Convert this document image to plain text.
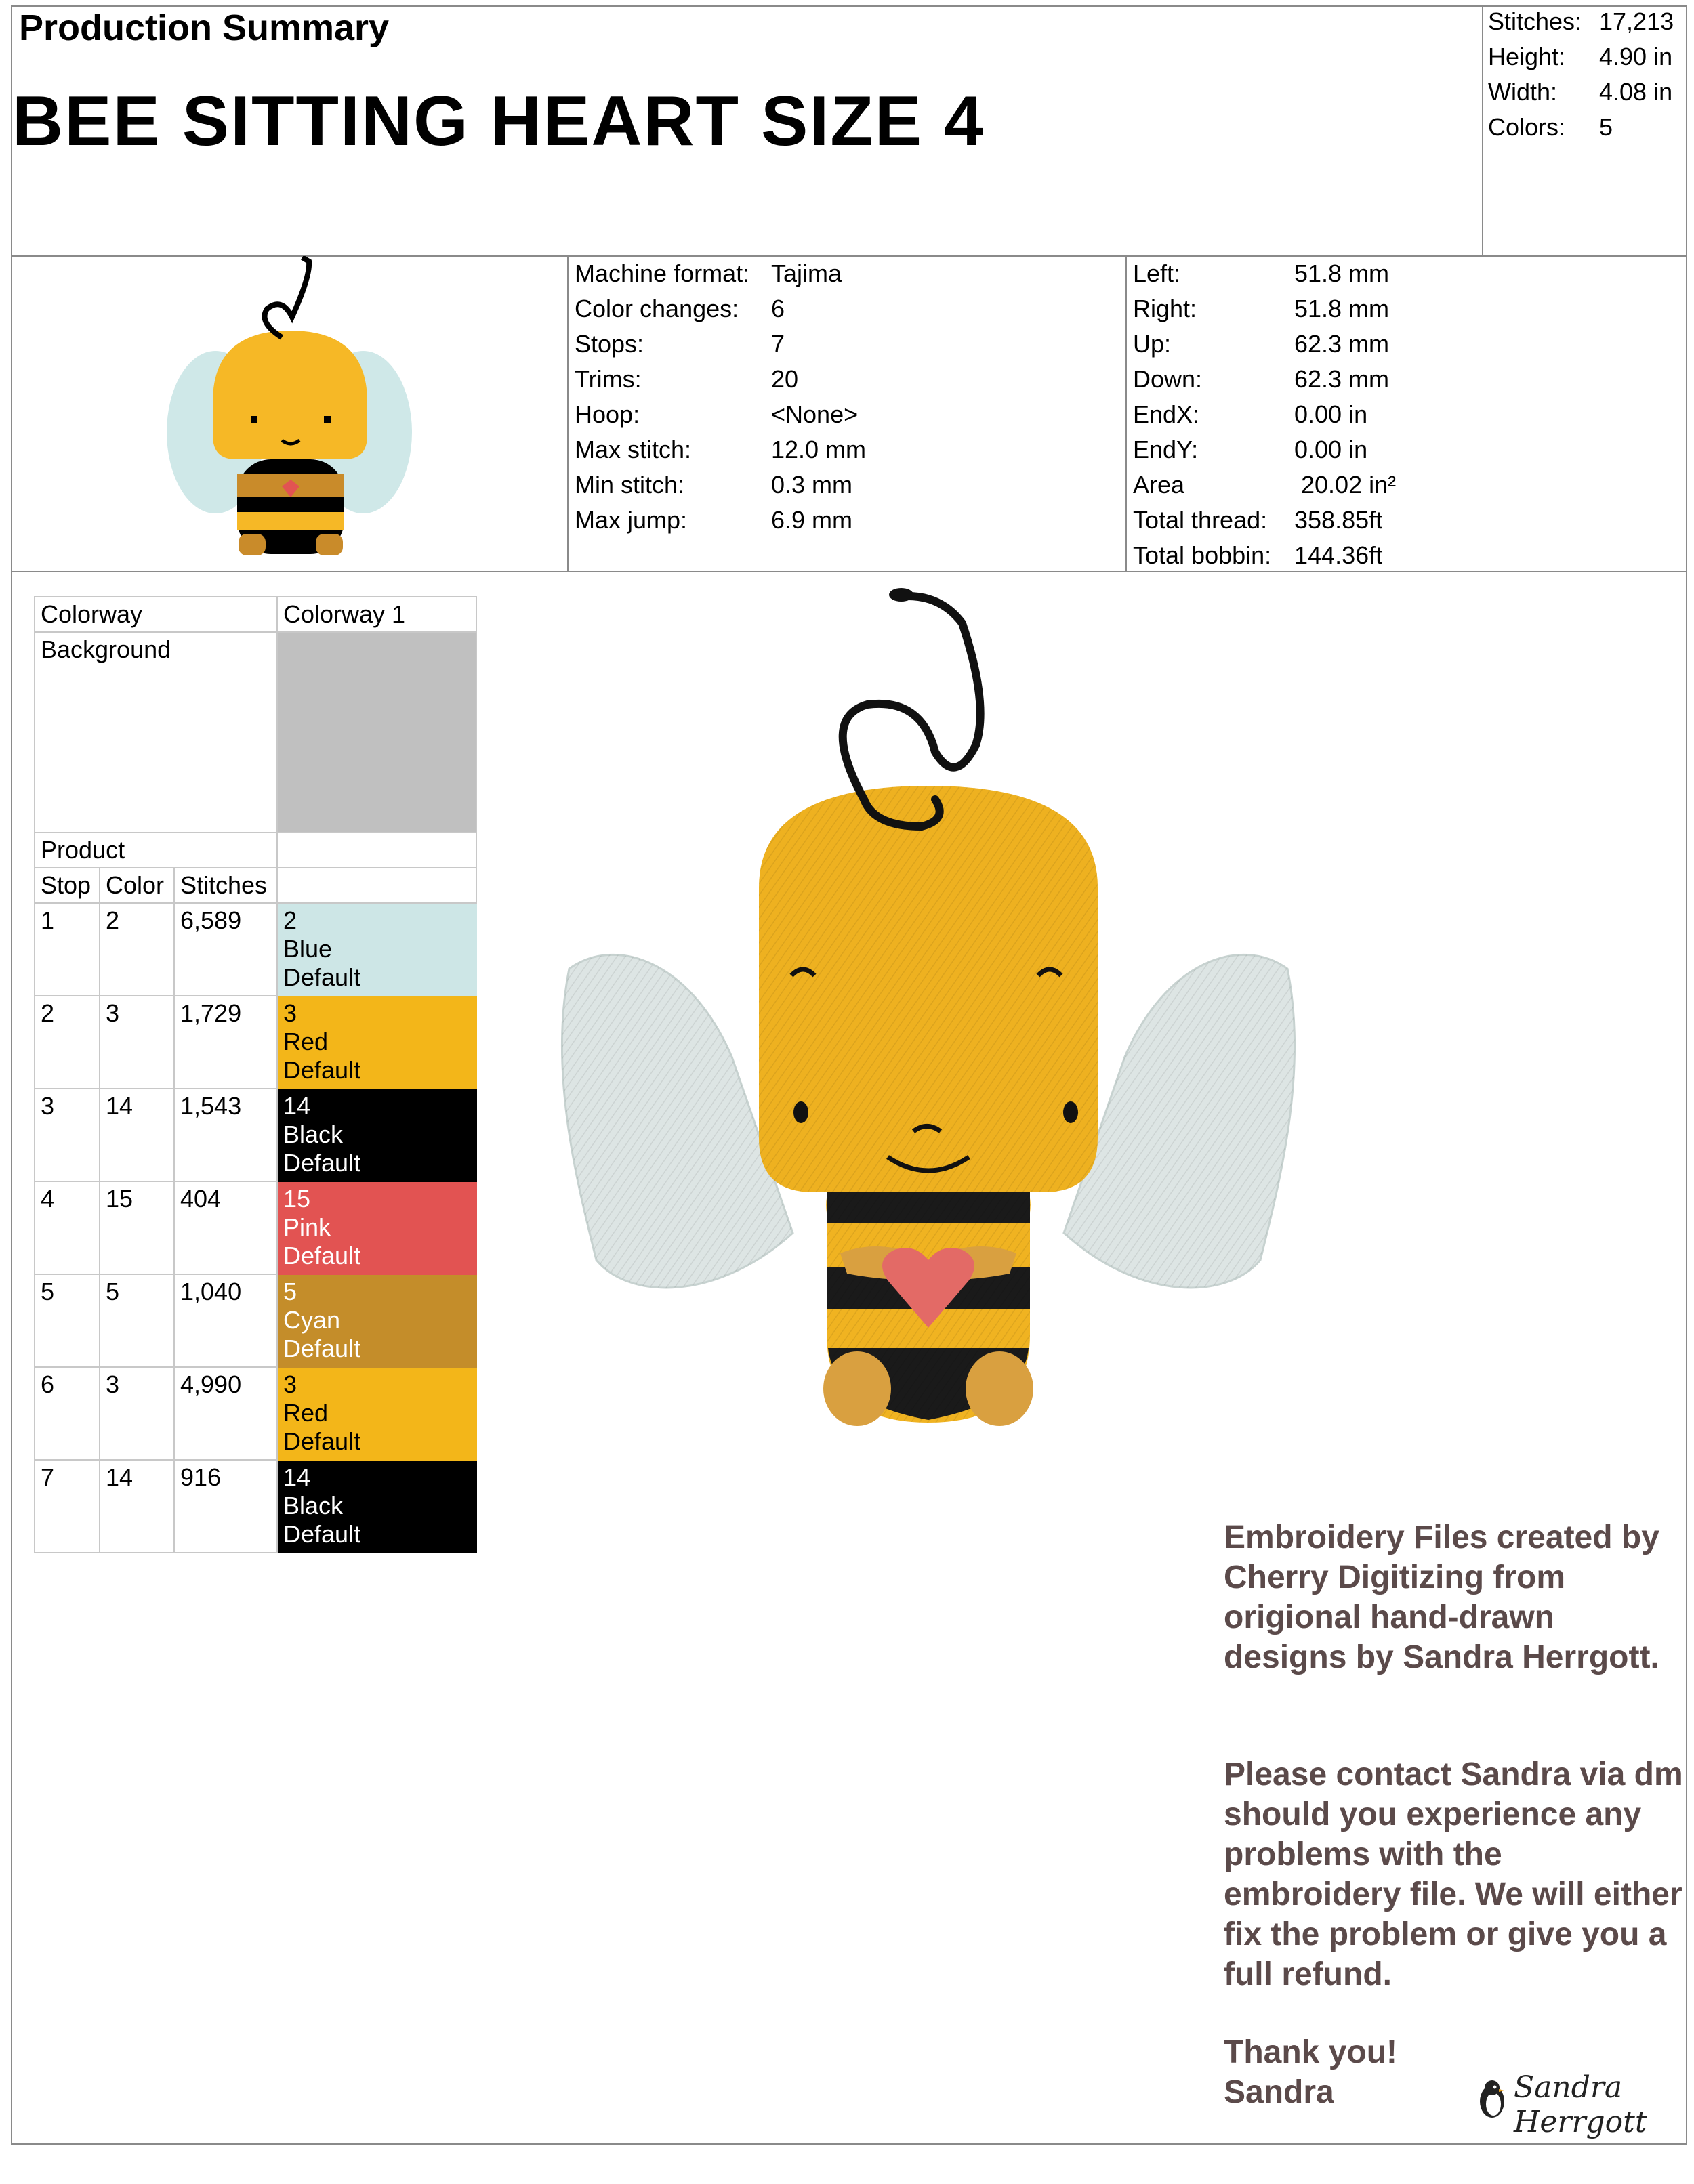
Production Summary
BEE SITTING HEART SIZE 4
Stitches: 17,213
Height:	4.90 in
Width:	4.08 in
Colors:	5
Machine format: Tajima
Color changes:	6
Stops:	7
Trims:	20
Hoop:	<None>
Max stitch:	12.0 mm
Min stitch:	0.3 mm
Max jump:	6.9 mm
Left:	51.8 mm
Right:	51.8 mm
Up:	62.3 mm
Down:	62.3 mm
EndX:	0.00 in
EndY:	0.00 in
Area	20.02 in²
Total thread:	358.85ft
Total bobbin: 144.36ft
Colorway			Colorway 1
Background			
Product			
Stop	Color	Stitches	
1	2	6,589	2
Blue
Default

2	3	1,729	3
Red
Default

3	14	1,543	14
Black
Default

4	15	404	15
Pink
Default

5	5	1,040	5
Cyan
Default

6	3	4,990	3
Red
Default

7	14	916	14
Black
Default	Embroidery Files created by Cherry Digitizing from origional hand-drawn designs by Sandra Herrgott.
Please contact Sandra via dm should you experience any problems with the embroidery file. We will either fix the problem or give you a full refund.
Thank you!
Sandra	Sandra Herrgott
